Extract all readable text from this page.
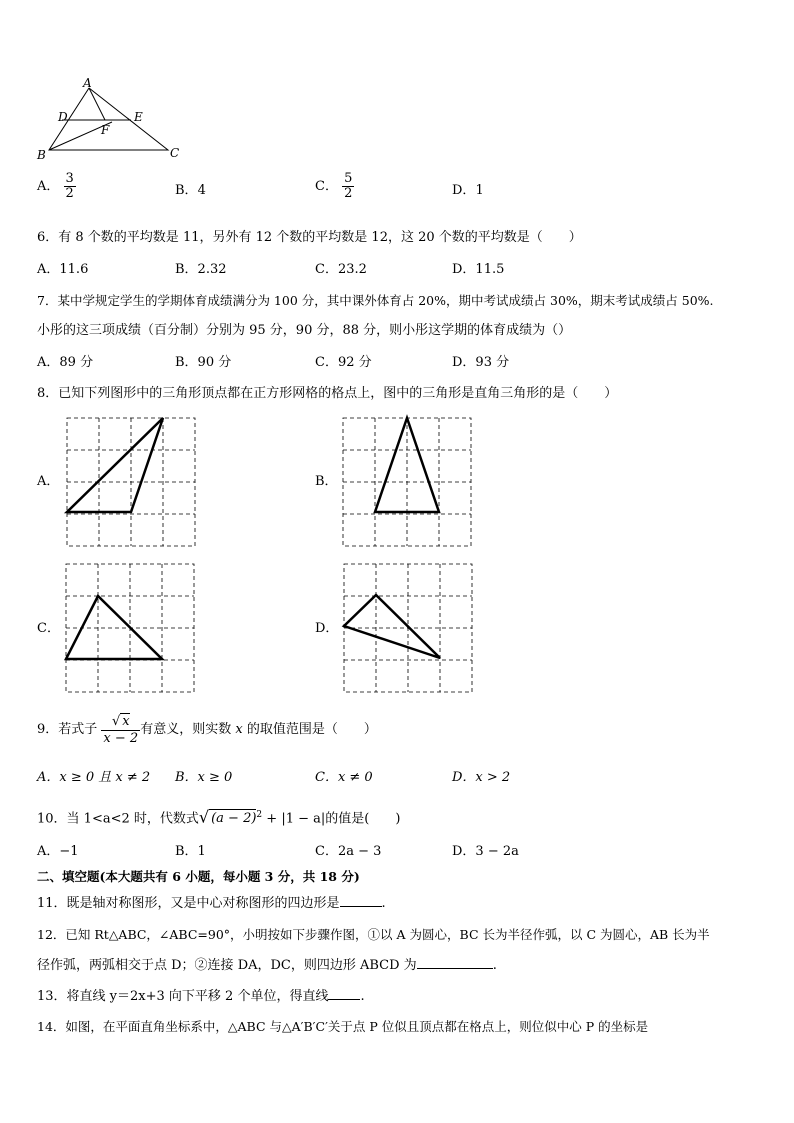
A
D	E
F
B	C
A． $\frac{3}{2}$	B．4	C． $\frac{5}{2}$	D．1
6．有 8 个数的平均数是 11，另外有 12 个数的平均数是 12，这 20 个数的平均数是（　　）
A．11.6	B．2.32	C．23.2	D．11.5
7．某中学规定学生的学期体育成绩满分为 100 分，其中课外体育占 20%，期中考试成绩占 30%，期末考试成绩占 50%.
小彤的这三项成绩（百分制）分别为 95 分，90 分，88 分，则小彤这学期的体育成绩为（）
A．89 分	B．90 分	C．92 分	D．93 分
8．已知下列图形中的三角形顶点都在正方形网格的格点上，图中的三角形是直角三角形的是（　　）
A．	B．
C．	D．
9．若式子 $\frac{√ x}{x - 2}$ 有意义，则实数 x 的取值范围是（　　）
A．x ≥ 0 且 x ≠ 2 B．x ≥ 0	C．x ≠ 0	D．x > 2
10．当 1<a<2 时，代数式√ $(a - 2)^2 + |1 - a|$的值是(　　)
A．−1	B．1	C．2a − 3	D．3 − 2a
二、填空题(本大题共有 6 小题，每小题 3 分，共 18 分)
11．既是轴对称图形，又是中心对称图形的四边形是	.
12．已知 Rt△ABC，∠ABC=90°，小明按如下步骤作图，①以 A 为圆心，BC 长为半径作弧，以 C 为圆心，AB 长为半
径作弧，两弧相交于点 D；②连接 DA，DC，则四边形 ABCD 为	.
13．将直线 y＝2x+3 向下平移 2 个单位，得直线 .
14．如图，在平面直角坐标系中，△ABC 与△A′B′C′关于点 P 位似且顶点都在格点上，则位似中心 P 的坐标是
